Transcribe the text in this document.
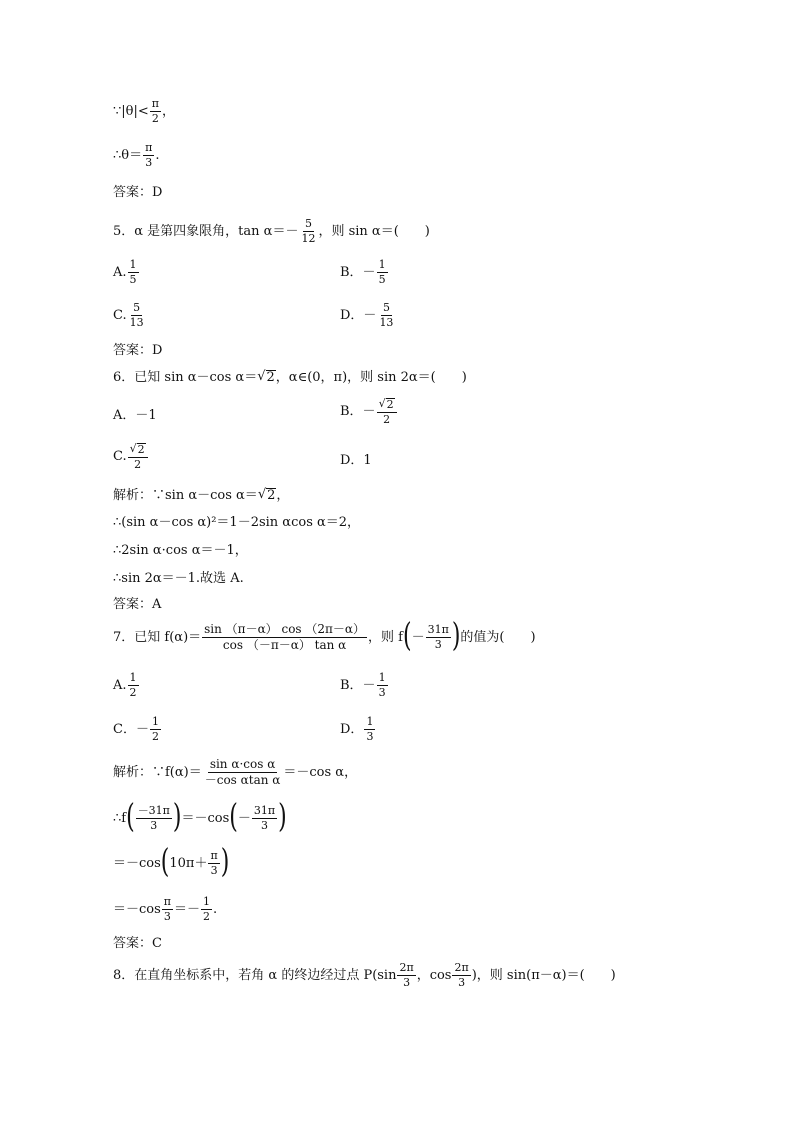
∵|θ|< $\frac{\pi}{2}$ ，
∴θ＝ $\frac{\pi}{3}$ .
答案：D
5．α 是第四象限角，$\tan \alpha=- \frac{5}{12}$ ，则 sin α＝(　　)
A. $\frac{1}{5}$	B．－ $\frac{1}{5}$
C. $\frac{5}{13}$	D．－ $\frac{5}{13}$
答案：D
6．已知 sin α－cos α＝ √ 2 ，α∈(0，π)，则 sin 2α＝(　　)
A．－1	B．－ $\frac{√ 2}{2}$
C. $\frac{√ 2}{2}$	D．1
解析：∵sin α－cos α＝ √ 2 ，
∴(sin α－cos α)²＝1－2sin αcos α＝2，
∴2sin α·cos α＝－1，
∴sin 2α＝－1.故选 A.
答案：A
7．已知 $f(\alpha)= \frac{\sin (\pi-\alpha) \cos (2\pi-\alpha)}{\text{cos （－π－α） tan α}}$ ，则 f ( － $\frac{31\pi}{3}$ ) 的值为(　　)
A. $\frac{1}{2}$	B．－ $\frac{1}{3}$
C．－ $\frac{1}{2}$	D． $\frac{1}{3}$
解析：∵f(α)＝ $\frac{\text{sin α·cos α}}{\text{－cos αtan α}} =-\cos$ α，
∴f ( $\frac{-31\pi}{3}$ ) ＝－cos ( － $\frac{31\pi}{3}$ )
＝－cos ( $10\pi+ \frac{\pi}{3}$ )
$=-\cos \frac{\pi}{3} =- \frac{1}{2}$ .
答案：C
8．在直角坐标系中，若角 α 的终边经过点 $P(\sin \frac{2\pi}{3}$ ，$\cos \frac{2\pi}{3}$ )，则 sin(π－α)＝(　　)
